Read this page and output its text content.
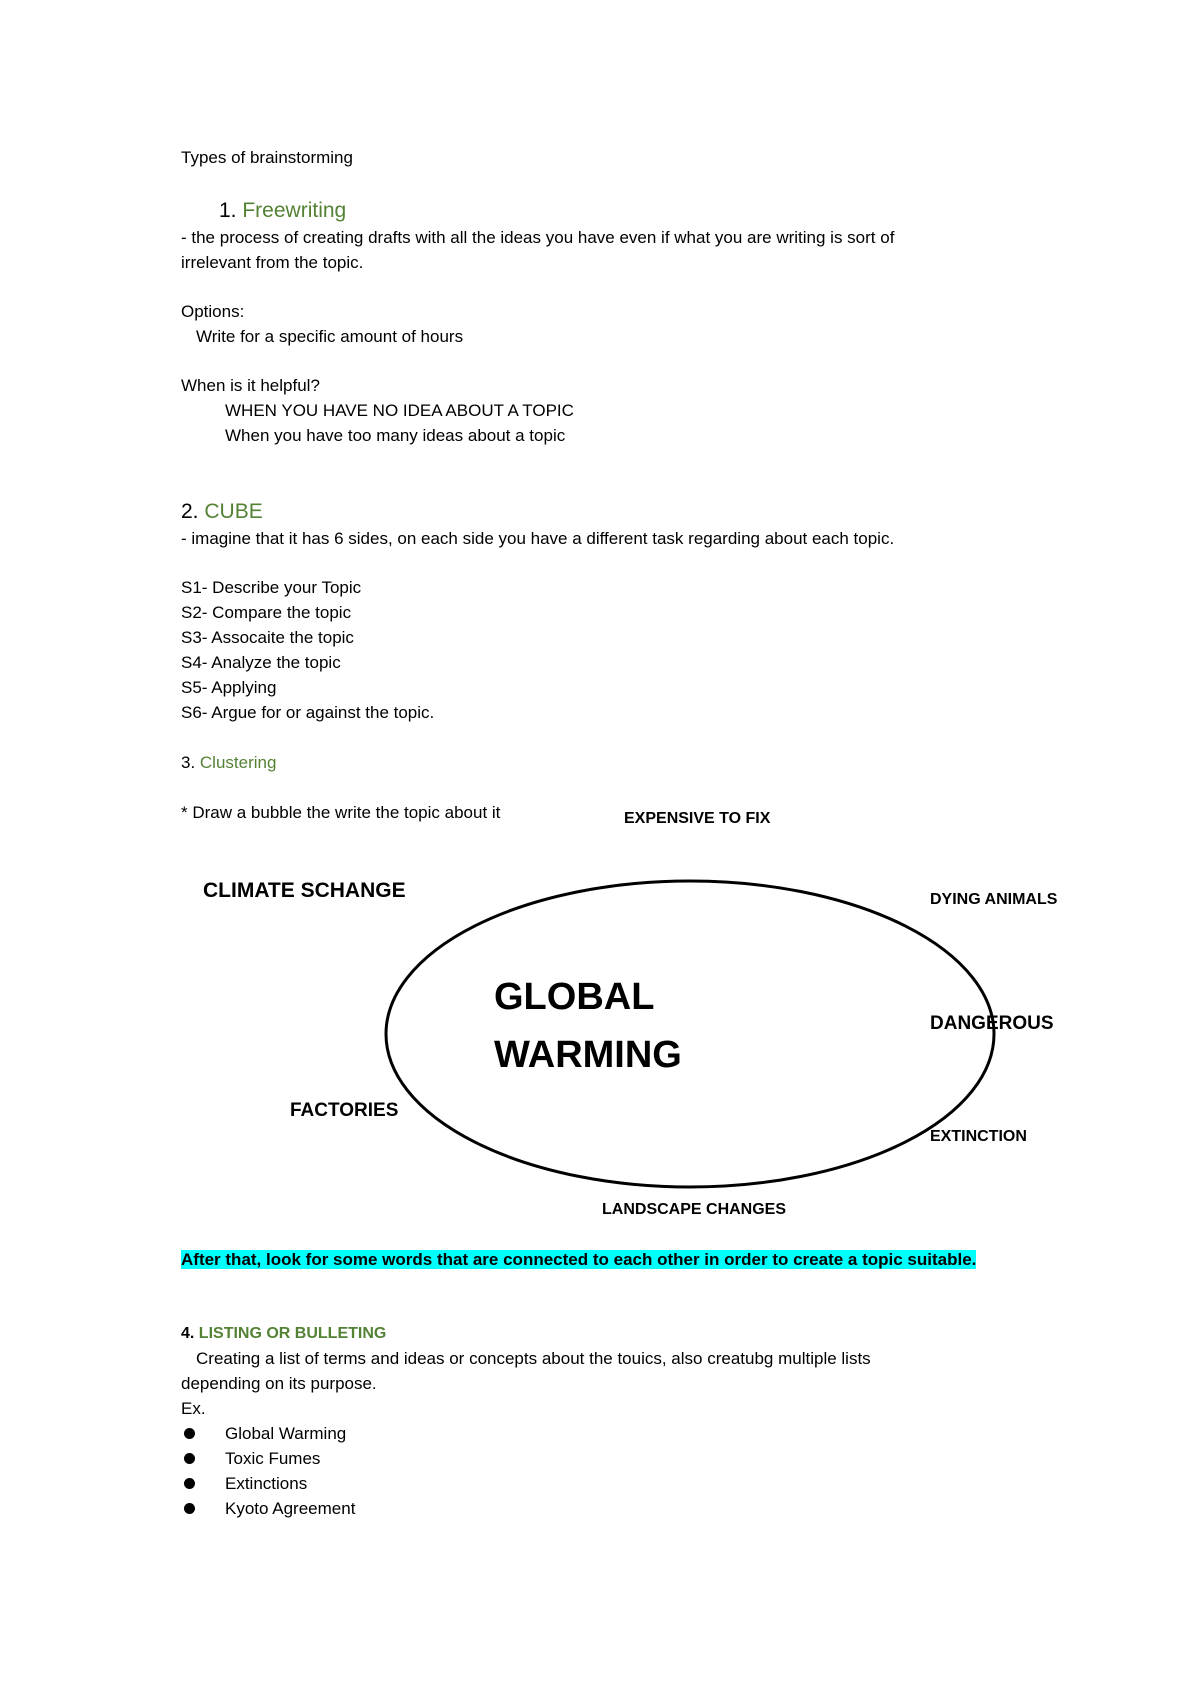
Types of brainstorming
1. Freewriting
- the process of creating drafts with all the ideas you have even if what you are writing is sort of
irrelevant from the topic.
Options:
Write for a specific amount of hours
When is it helpful?
WHEN YOU HAVE NO IDEA ABOUT A TOPIC
When you have too many ideas about a topic
2. CUBE
- imagine that it has 6 sides, on each side you have a different task regarding about each topic.
S1- Describe your Topic
S2- Compare the topic
S3- Assocaite the topic
S4- Analyze the topic
S5- Applying
S6- Argue for or against the topic.
3. Clustering
* Draw a bubble the write the topic about it	EXPENSIVE TO FIX
CLIMATE SCHANGE	DYING ANIMALS
GLOBAL
WARMING
DANGEROUS
FACTORIES
EXTINCTION
LANDSCAPE CHANGES
After that, look for some words that are connected to each other in order to create a topic suitable.
4. LISTING OR BULLETING
Creating a list of terms and ideas or concepts about the touics, also creatubg multiple lists
depending on its purpose.
Ex.
Global Warming
Toxic Fumes
Extinctions
Kyoto Agreement
